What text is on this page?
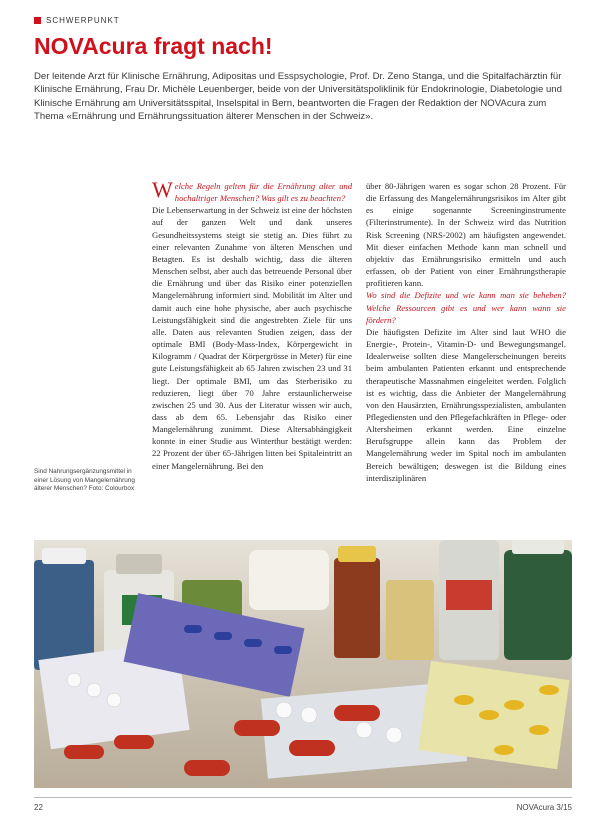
SCHWERPUNKT
NOVAcura fragt nach!

Der leitende Arzt für Klinische Ernährung, Adipositas und Esspsychologie, Prof. Dr. Zeno Stanga, und die Spitalfachärztin für Klinische Ernährung, Frau Dr. Michèle Leuenberger, beide von der Universitätspoliklinik für Endokrinologie, Diabetologie und Klinische Ernährung am Universitätsspital, Inselspital in Bern, beantworten die Fragen der Redaktion der NOVAcura zum Thema «Ernährung und Ernährungssituation älterer Menschen in der Schweiz».

Welche Regeln gelten für die Ernährung alter und hochaltriger Menschen? Was gilt es zu beachten?

Die Lebenserwartung in der Schweiz ist eine der höchsten auf der ganzen Welt und dank unseres Gesundheitssystems steigt sie stetig an. Dies führt zu einer relevanten Zunahme von älteren Menschen und Betagten. Es ist deshalb wichtig, dass die älteren Menschen selbst, aber auch das betreuende Personal über die Ernährung und über das Risiko einer potenziellen Mangelernährung informiert sind. Mobilität im Alter und damit auch eine hohe physische, aber auch psychische Leistungsfähigkeit sind die angestrebten Ziele für uns alle. Daten aus relevanten Studien zeigen, dass der optimale BMI (Body-Mass-Index, Körpergewicht in Kilogramm / Quadrat der Körpergrösse in Meter) für eine gute Leistungsfähigkeit ab 65 Jahren zwischen 23 und 31 liegt. Der optimale BMI, um das Sterberisiko zu reduzieren, liegt über 70 Jahre erstaunlicherweise zwischen 25 und 30. Aus der Literatur wissen wir auch, dass ab dem 65. Lebensjahr das Risiko einer Mangelernährung zunimmt. Diese Altersabhängigkeit konnte in einer Studie aus Winterthur bestätigt werden: 22 Prozent der über 65-Jährigen litten bei Spitaleintritt an einer Mangelernährung. Bei den

über 80-Jährigen waren es sogar schon 28 Prozent. Für die Erfassung des Mangelernährungsrisikos im Alter gibt es einige sogenannte Screeninginstrumente (Filterinstrumente). In der Schweiz wird das Nutrition Risk Screening (NRS-2002) am häufigsten angewendet. Mit dieser einfachen Methode kann man schnell und objektiv das Ernährungsrisiko ermitteln und auch erfassen, ob der Patient von einer Ernährungstherapie profitieren kann.

Wo sind die Defizite und wie kann man sie beheben? Welche Ressourcen gibt es und wer kann wann sie fördern?

Die häufigsten Defizite im Alter sind laut WHO die Energie-, Protein-, Vitamin-D- und Bewegungsmangel. Idealerweise sollten diese Mangelerscheinungen bereits beim ambulanten Patienten erkannt und entsprechende therapeutische Massnahmen eingeleitet werden. Folglich ist es wichtig, dass die Anbieter der Mangelernährung von den Hausärzten, Ernährungsspezialisten, ambulanten Pflegediensten und den Pflegefachkräften in Pflege- oder Altersheimen erkannt werden. Eine einzelne Berufsgruppe allein kann das Problem der Mangelernährung weder im Spital noch im ambulanten Bereich bewältigen; deswegen ist die Bildung eines interdisziplinären

Sind Nahrungsergänzungsmittel in einer Lösung von Mangelernährung älterer Menschen? Foto: Colourbox

22	NOVAcura 3/15
